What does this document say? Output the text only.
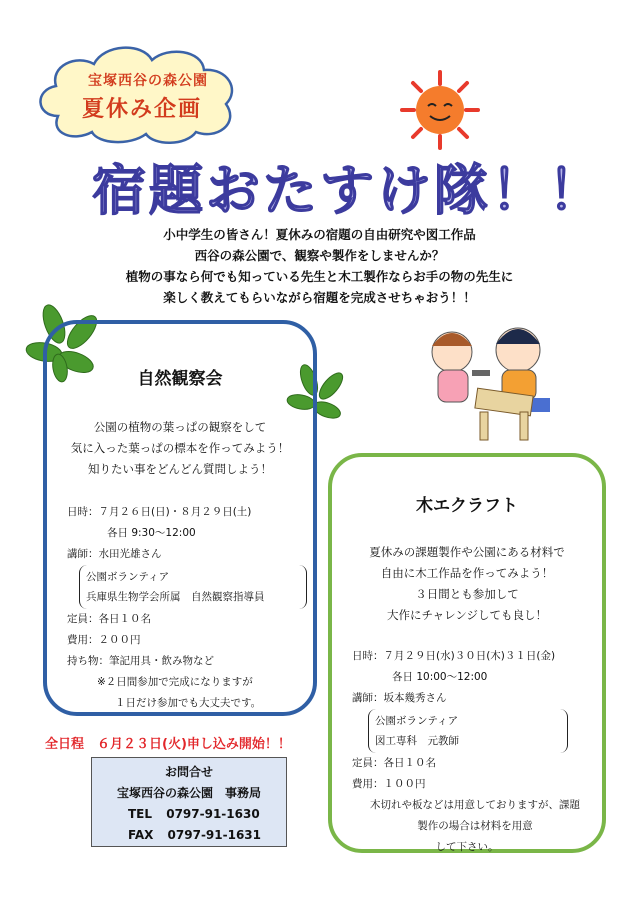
宝塚西谷の森公園
夏休み企画
宿題おたすけ隊！！
小中学生の皆さん！夏休みの宿題の自由研究や図工作品
西谷の森公園で、観察や製作をしませんか？
植物の事なら何でも知っている先生と木工製作ならお手の物の先生に
楽しく教えてもらいながら宿題を完成させちゃおう！！
自然観察会
公園の植物の葉っぱの観察をして
気に入った葉っぱの標本を作ってみよう！
知りたい事をどんどん質問しよう！
日時：７月２６日(日)・８月２９日(土)
各日 9:30～12:00
講師：水田光雄さん
公園ボランティア
兵庫県生物学会所属　自然観察指導員
定員：各日１０名
費用：２００円
持ち物：筆記用具・飲み物など
※２日間参加で完成になりますが
１日だけ参加でも大丈夫です。
木エクラフト
夏休みの課題製作や公園にある材料で
自由に木工作品を作ってみよう！
３日間とも参加して
大作にチャレンジしても良し！
日時：７月２９日(水)３０日(木)３１日(金)
各日 10:00～12:00
講師：坂本幾秀さん
公園ボランティア
図工専科　元教師
定員：各日１０名
費用：１００円
木切れや板などは用意しておりますが、課題製作の場合は材料を用意
して下さい。
全日程　６月２３日(火)申し込み開始！！
お問合せ
宝塚西谷の森公園　事務局
TEL 0797-91-1630
FAX 0797-91-1631
